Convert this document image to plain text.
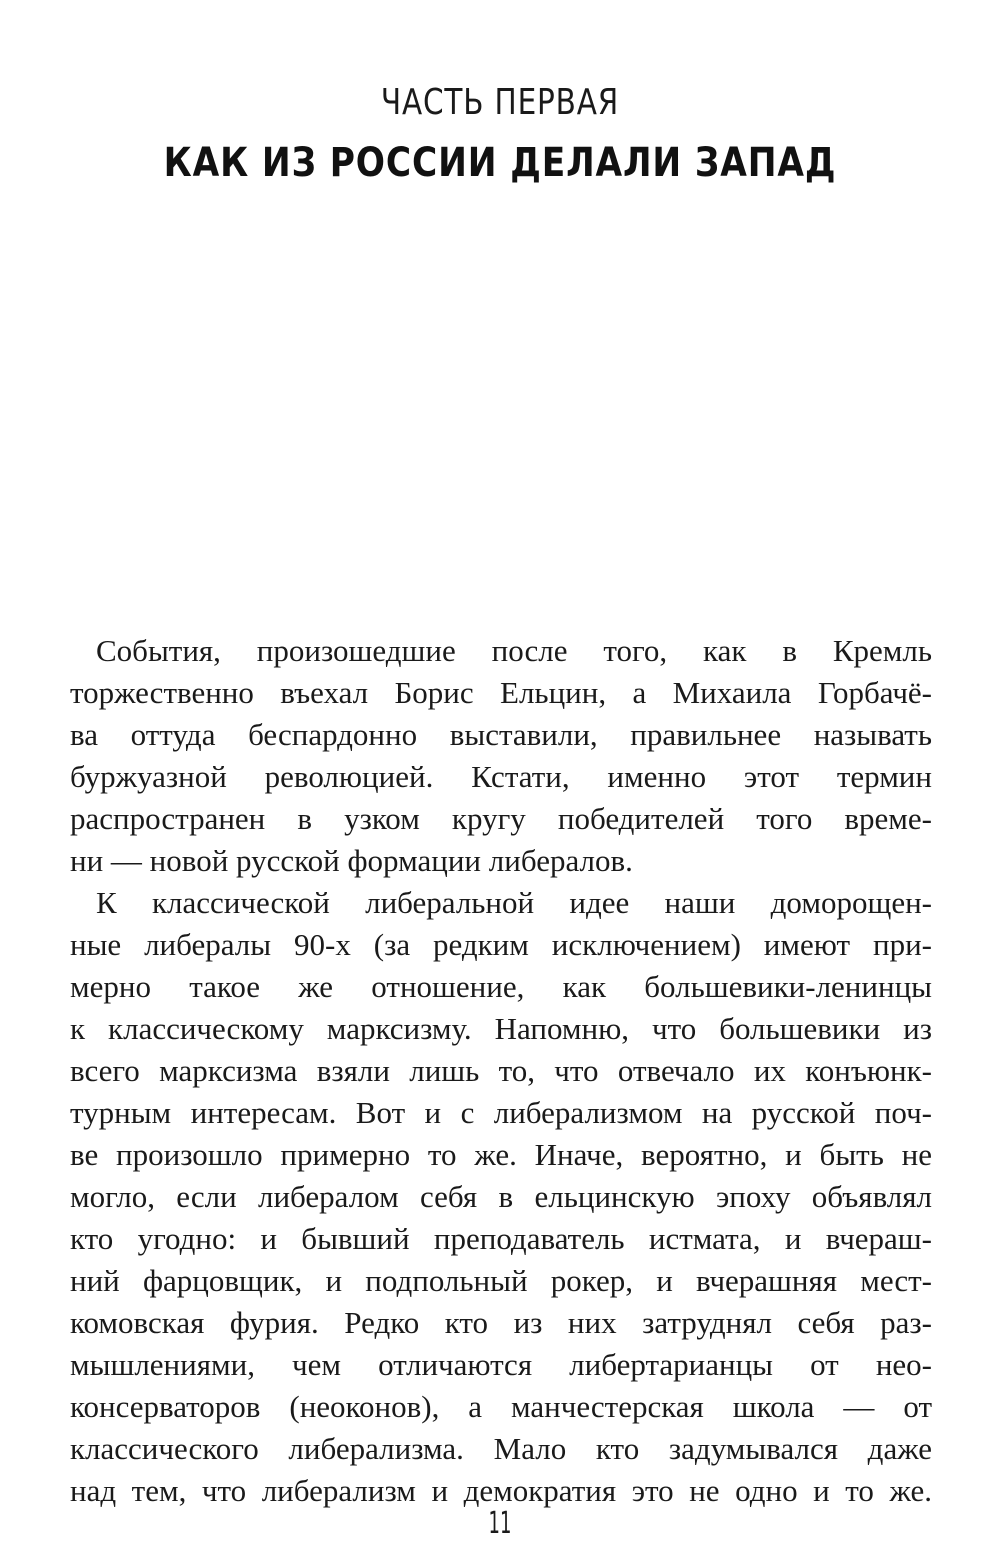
ЧАСТЬ ПЕРВАЯ
КАК ИЗ РОССИИ ДЕЛАЛИ ЗАПАД

События, произошедшие после того, как в Кремль
торжественно въехал Борис Ельцин, а Михаила Горбачё-
ва оттуда беспардонно выставили, правильнее называть
буржуазной революцией. Кстати, именно этот термин
распространен в узком кругу победителей того време-
ни — новой русской формации либералов.

К классической либеральной идее наши доморощен-
ные либералы 90-х (за редким исключением) имеют при-
мерно такое же отношение, как большевики-ленинцы
к классическому марксизму. Напомню, что большевики из
всего марксизма взяли лишь то, что отвечало их конъюнк-
турным интересам. Вот и с либерализмом на русской поч-
ве произошло примерно то же. Иначе, вероятно, и быть не
могло, если либералом себя в ельцинскую эпоху объявлял
кто угодно: и бывший преподаватель истмата, и вчераш-
ний фарцовщик, и подпольный рокер, и вчерашняя мест-
комовская фурия. Редко кто из них затруднял себя раз-
мышлениями, чем отличаются либертарианцы от нео-
консерваторов (неоконов), а манчестерская школа — от
классического либерализма. Мало кто задумывался даже
над тем, что либерализм и демократия это не одно и то же.

11
